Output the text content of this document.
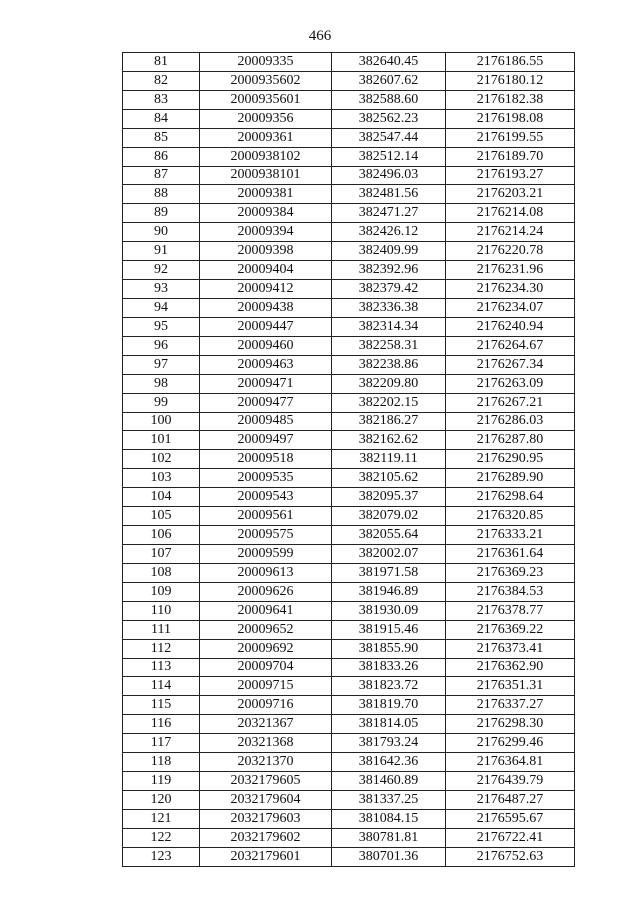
466
81	20009335	382640.45	2176186.55
82	2000935602	382607.62	2176180.12
83	2000935601	382588.60	2176182.38
84	20009356	382562.23	2176198.08
85	20009361	382547.44	2176199.55
86	2000938102	382512.14	2176189.70
87	2000938101	382496.03	2176193.27
88	20009381	382481.56	2176203.21
89	20009384	382471.27	2176214.08
90	20009394	382426.12	2176214.24
91	20009398	382409.99	2176220.78
92	20009404	382392.96	2176231.96
93	20009412	382379.42	2176234.30
94	20009438	382336.38	2176234.07
95	20009447	382314.34	2176240.94
96	20009460	382258.31	2176264.67
97	20009463	382238.86	2176267.34
98	20009471	382209.80	2176263.09
99	20009477	382202.15	2176267.21
100	20009485	382186.27	2176286.03
101	20009497	382162.62	2176287.80
102	20009518	382119.11	2176290.95
103	20009535	382105.62	2176289.90
104	20009543	382095.37	2176298.64
105	20009561	382079.02	2176320.85
106	20009575	382055.64	2176333.21
107	20009599	382002.07	2176361.64
108	20009613	381971.58	2176369.23
109	20009626	381946.89	2176384.53
110	20009641	381930.09	2176378.77
111	20009652	381915.46	2176369.22
112	20009692	381855.90	2176373.41
113	20009704	381833.26	2176362.90
114	20009715	381823.72	2176351.31
115	20009716	381819.70	2176337.27
116	20321367	381814.05	2176298.30
117	20321368	381793.24	2176299.46
118	20321370	381642.36	2176364.81
119	2032179605	381460.89	2176439.79
120	2032179604	381337.25	2176487.27
121	2032179603	381084.15	2176595.67
122	2032179602	380781.81	2176722.41
123	2032179601	380701.36	2176752.63
